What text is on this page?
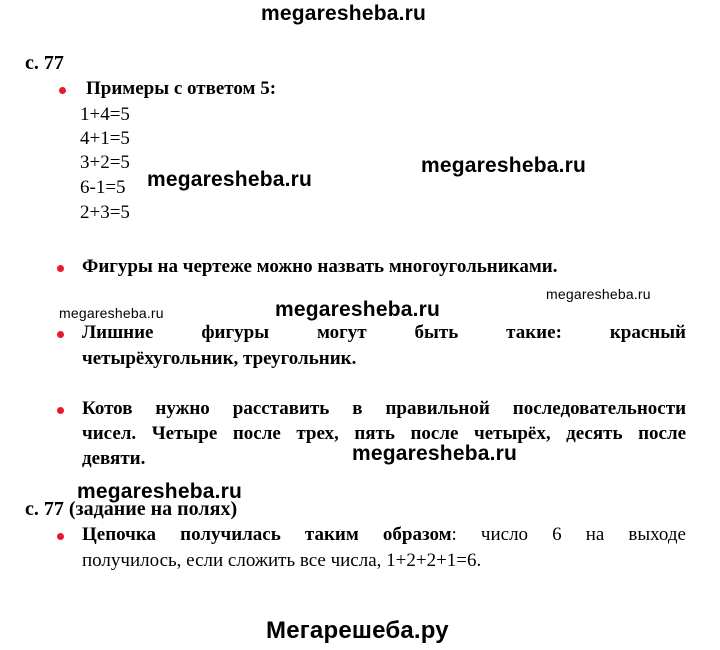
megaresheba.ru
megaresheba.ru
megaresheba.ru
megaresheba.ru	megaresheba.ru
megaresheba.ru
megaresheba.ru
megaresheba.ru
Мегарешеба.ру
с. 77
Примеры с ответом 5:
1+4=5
4+1=5
3+2=5
6-1=5
2+3=5
Фигуры на чертеже можно назвать многоугольниками.
Лишние	фигуры	могут	быть	такие:	красный
четырёхугольник, треугольник.
Котов нужно расставить в правильной последовательности
чисел. Четыре после трех, пять после четырёх, десять после
девяти.
с. 77 (задание на полях)
Цепочка получилась таким образом: число 6 на выходе
получилось, если сложить все числа, 1+2+2+1=6.
